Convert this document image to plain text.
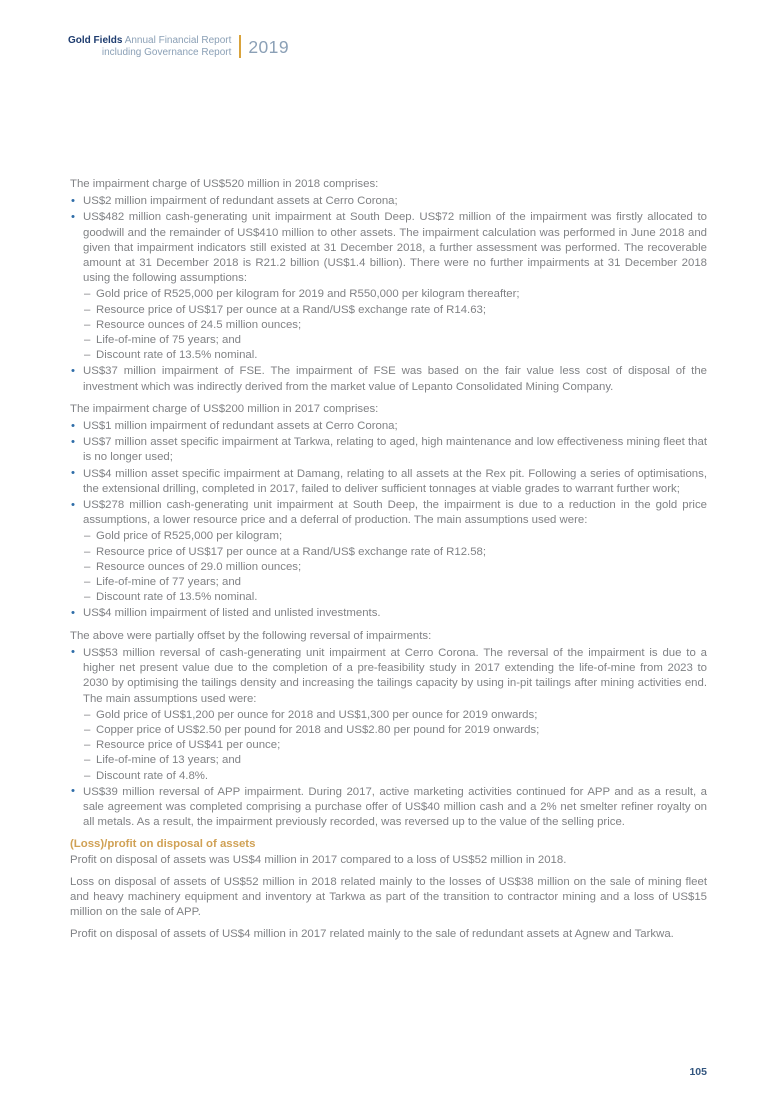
Gold Fields Annual Financial Report
including Governance Report 2019

The impairment charge of US$520 million in 2018 comprises:

• US$2 million impairment of redundant assets at Cerro Corona;
• US$482 million cash-generating unit impairment at South Deep. US$72 million of the impairment was firstly allocated to goodwill and the remainder of US$410 million to other assets. The impairment calculation was performed in June 2018 and given that impairment indicators still existed at 31 December 2018, a further assessment was performed. The recoverable amount at 31 December 2018 is R21.2 billion (US$1.4 billion). There were no further impairments at 31 December 2018 using the following assumptions:
– Gold price of R525,000 per kilogram for 2019 and R550,000 per kilogram thereafter;
– Resource price of US$17 per ounce at a Rand/US$ exchange rate of R14.63;
– Resource ounces of 24.5 million ounces;
– Life-of-mine of 75 years; and
– Discount rate of 13.5% nominal.
• US$37 million impairment of FSE. The impairment of FSE was based on the fair value less cost of disposal of the investment which was indirectly derived from the market value of Lepanto Consolidated Mining Company.

The impairment charge of US$200 million in 2017 comprises:

• US$1 million impairment of redundant assets at Cerro Corona;
• US$7 million asset specific impairment at Tarkwa, relating to aged, high maintenance and low effectiveness mining fleet that is no longer used;
• US$4 million asset specific impairment at Damang, relating to all assets at the Rex pit. Following a series of optimisations, the extensional drilling, completed in 2017, failed to deliver sufficient tonnages at viable grades to warrant further work;
• US$278 million cash-generating unit impairment at South Deep, the impairment is due to a reduction in the gold price assumptions, a lower resource price and a deferral of production. The main assumptions used were:
– Gold price of R525,000 per kilogram;
– Resource price of US$17 per ounce at a Rand/US$ exchange rate of R12.58;
– Resource ounces of 29.0 million ounces;
– Life-of-mine of 77 years; and
– Discount rate of 13.5% nominal.
• US$4 million impairment of listed and unlisted investments.

The above were partially offset by the following reversal of impairments:

• US$53 million reversal of cash-generating unit impairment at Cerro Corona. The reversal of the impairment is due to a higher net present value due to the completion of a pre-feasibility study in 2017 extending the life-of-mine from 2023 to 2030 by optimising the tailings density and increasing the tailings capacity by using in-pit tailings after mining activities end. The main assumptions used were:
– Gold price of US$1,200 per ounce for 2018 and US$1,300 per ounce for 2019 onwards;
– Copper price of US$2.50 per pound for 2018 and US$2.80 per pound for 2019 onwards;
– Resource price of US$41 per ounce;
– Life-of-mine of 13 years; and
– Discount rate of 4.8%.
• US$39 million reversal of APP impairment. During 2017, active marketing activities continued for APP and as a result, a sale agreement was completed comprising a purchase offer of US$40 million cash and a 2% net smelter refiner royalty on all metals. As a result, the impairment previously recorded, was reversed up to the value of the selling price.
(Loss)/profit on disposal of assets

Profit on disposal of assets was US$4 million in 2017 compared to a loss of US$52 million in 2018.

Loss on disposal of assets of US$52 million in 2018 related mainly to the losses of US$38 million on the sale of mining fleet and heavy machinery equipment and inventory at Tarkwa as part of the transition to contractor mining and a loss of US$15 million on the sale of APP.

Profit on disposal of assets of US$4 million in 2017 related mainly to the sale of redundant assets at Agnew and Tarkwa.

105
